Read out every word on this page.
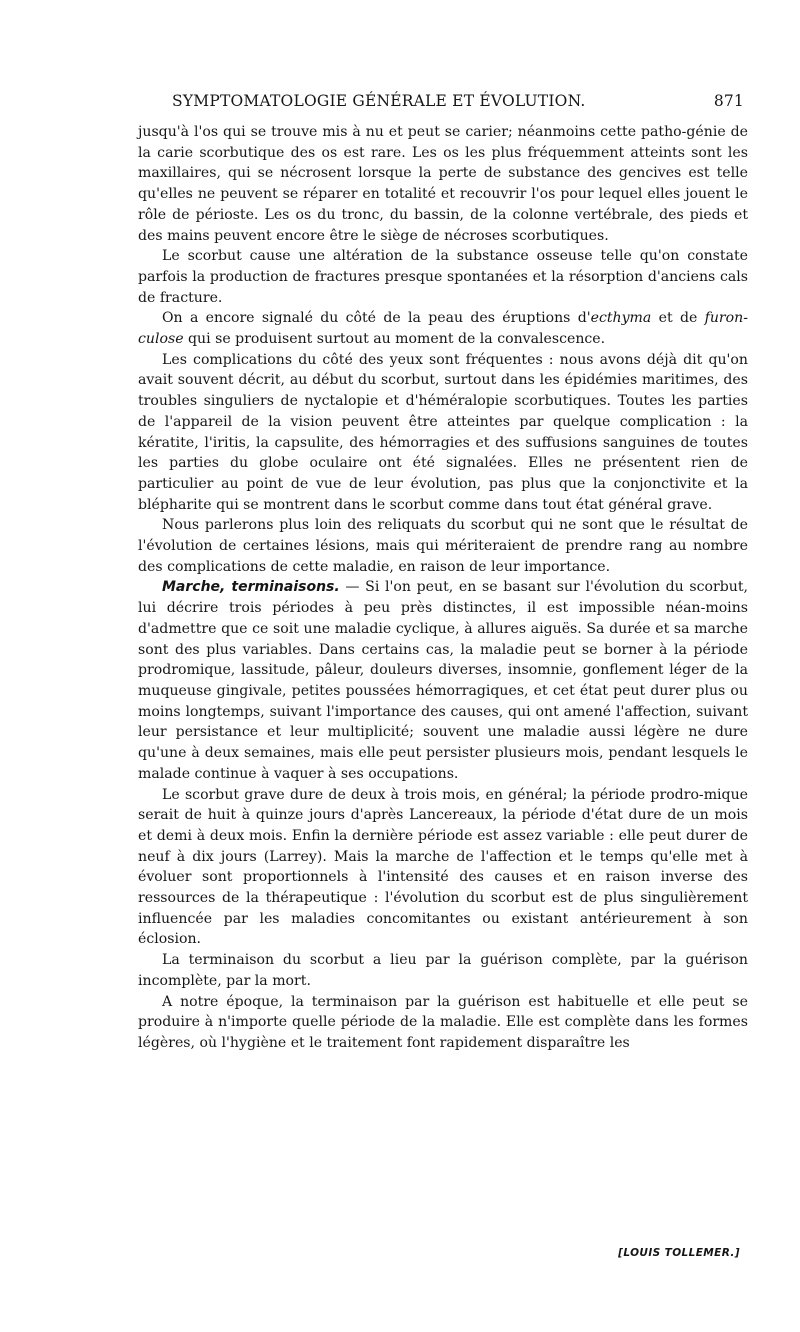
SYMPTOMATOLOGIE GÉNÉRALE ET ÉVOLUTION.	871

jusqu'à l'os qui se trouve mis à nu et peut se carier; néanmoins cette patho-génie de la carie scorbutique des os est rare. Les os les plus fréquemment atteints sont les maxillaires, qui se nécrosent lorsque la perte de substance des gencives est telle qu'elles ne peuvent se réparer en totalité et recouvrir l'os pour lequel elles jouent le rôle de périoste. Les os du tronc, du bassin, de la colonne vertébrale, des pieds et des mains peuvent encore être le siège de nécroses scorbutiques.

Le scorbut cause une altération de la substance osseuse telle qu'on constate parfois la production de fractures presque spontanées et la résorption d'anciens cals de fracture.

On a encore signalé du côté de la peau des éruptions d'ecthyma et de furon-culose qui se produisent surtout au moment de la convalescence.

Les complications du côté des yeux sont fréquentes : nous avons déjà dit qu'on avait souvent décrit, au début du scorbut, surtout dans les épidémies maritimes, des troubles singuliers de nyctalopie et d'héméralopie scorbutiques. Toutes les parties de l'appareil de la vision peuvent être atteintes par quelque complication : la kératite, l'iritis, la capsulite, des hémorragies et des suffusions sanguines de toutes les parties du globe oculaire ont été signalées. Elles ne présentent rien de particulier au point de vue de leur évolution, pas plus que la conjonctivite et la blépharite qui se montrent dans le scorbut comme dans tout état général grave.

Nous parlerons plus loin des reliquats du scorbut qui ne sont que le résultat de l'évolution de certaines lésions, mais qui mériteraient de prendre rang au nombre des complications de cette maladie, en raison de leur importance.

Marche, terminaisons. — Si l'on peut, en se basant sur l'évolution du scorbut, lui décrire trois périodes à peu près distinctes, il est impossible néan-moins d'admettre que ce soit une maladie cyclique, à allures aiguës. Sa durée et sa marche sont des plus variables. Dans certains cas, la maladie peut se borner à la période prodromique, lassitude, pâleur, douleurs diverses, insomnie, gonflement léger de la muqueuse gingivale, petites poussées hémorragiques, et cet état peut durer plus ou moins longtemps, suivant l'importance des causes, qui ont amené l'affection, suivant leur persistance et leur multiplicité; souvent une maladie aussi légère ne dure qu'une à deux semaines, mais elle peut persister plusieurs mois, pendant lesquels le malade continue à vaquer à ses occupations.

Le scorbut grave dure de deux à trois mois, en général; la période prodro-mique serait de huit à quinze jours d'après Lancereaux, la période d'état dure de un mois et demi à deux mois. Enfin la dernière période est assez variable : elle peut durer de neuf à dix jours (Larrey). Mais la marche de l'affection et le temps qu'elle met à évoluer sont proportionnels à l'intensité des causes et en raison inverse des ressources de la thérapeutique : l'évolution du scorbut est de plus singulièrement influencée par les maladies concomitantes ou existant antérieurement à son éclosion.

La terminaison du scorbut a lieu par la guérison complète, par la guérison incomplète, par la mort.

A notre époque, la terminaison par la guérison est habituelle et elle peut se produire à n'importe quelle période de la maladie. Elle est complète dans les formes légères, où l'hygiène et le traitement font rapidement disparaître les

[LOUIS TOLLEMER.]
